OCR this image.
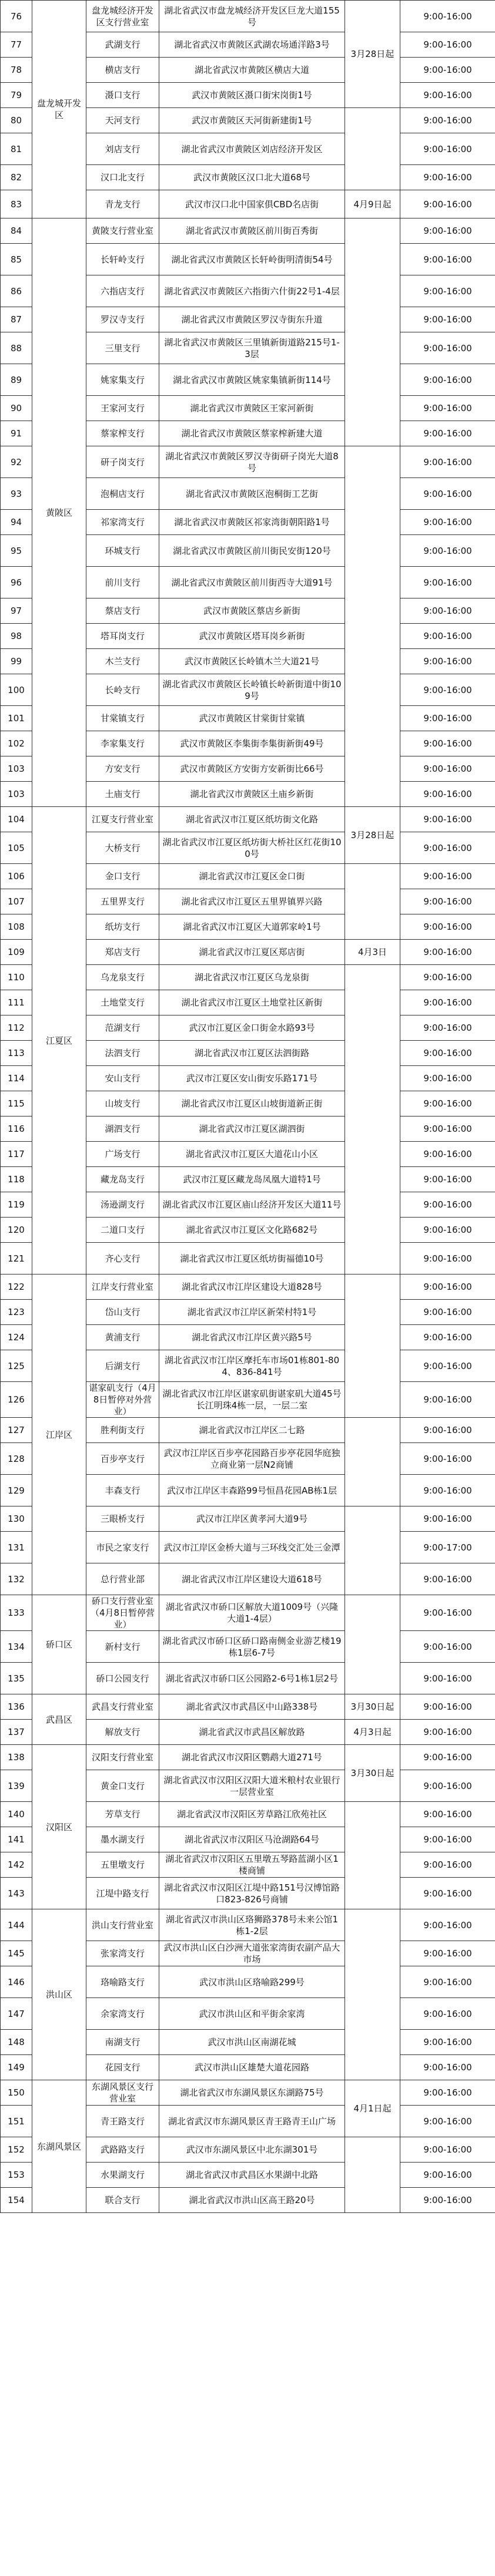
76	盘龙城开发区	盘龙城经济开发区支行营业室	湖北省武汉市盘龙城经济开发区巨龙大道155号	3月28日起	9:00-16:00
77		武湖支行	湖北省武汉市黄陂区武湖农场通洋路3号		9:00-16:00
78		横店支行	湖北省武汉市黄陂区横店大道		9:00-16:00
79		滠口支行	武汉市黄陂区滠口街宋岗街1号		9:00-16:00
80		天河支行	武汉市黄陂区天河街新建街1号		9:00-16:00
81		刘店支行	湖北省武汉市黄陂区刘店经济开发区		9:00-16:00
82		汉口北支行	武汉市黄陂区汉口北大道68号		9:00-16:00
83		青龙支行	武汉市汉口北中国家俱CBD名店街	4月9日起	9:00-16:00
84	黄陂区	黄陂支行营业室	湖北省武汉市黄陂区前川街百秀街		9:00-16:00
85		长轩岭支行	湖北省武汉市黄陂区长轩岭街明清街54号		9:00-16:00
86		六指店支行	湖北省武汉市黄陂区六指街六什街22号1-4层		9:00-16:00
87		罗汉寺支行	湖北省武汉市黄陂区罗汉寺街东升道		9:00-16:00
88		三里支行	湖北省武汉市黄陂区三里镇新街道路215号1-3层		9:00-16:00
89		姚家集支行	湖北省武汉市黄陂区姚家集镇新街114号		9:00-16:00
90		王家河支行	湖北省武汉市黄陂区王家河新街		9:00-16:00
91		蔡家榨支行	湖北省武汉市黄陂区蔡家榨新建大道		9:00-16:00
92		研子岗支行	湖北省武汉市黄陂区罗汉寺街研子岗光大道8号		9:00-16:00
93		泡桐店支行	湖北省武汉市黄陂区泡桐街工艺街		9:00-16:00
94		祁家湾支行	湖北省武汉市黄陂区祁家湾街朝阳路1号		9:00-16:00
95		环城支行	湖北省武汉市黄陂区前川街民安街120号		9:00-16:00
96		前川支行	湖北省武汉市黄陂区前川街西寺大道91号		9:00-16:00
97		蔡店支行	武汉市黄陂区蔡店乡新街		9:00-16:00
98		塔耳岗支行	武汉市黄陂区塔耳岗乡新街		9:00-16:00
99		木兰支行	武汉市黄陂区长岭镇木兰大道21号		9:00-16:00
100		长岭支行	湖北省武汉市黄陂区长岭镇长岭新街道中街109号		9:00-16:00
101		甘棠镇支行	武汉市黄陂区甘棠街甘棠镇		9:00-16:00
102		李家集支行	武汉市黄陂区李集街李集街新街49号		9:00-16:00
103		方安支行	武汉市黄陂区方安街方安新街比66号		9:00-16:00
103		土庙支行	湖北省武汉市黄陂区土庙乡新街		9:00-16:00
104	江夏区	江夏支行营业室	湖北省武汉市江夏区纸坊街文化路	3月28日起	9:00-16:00
105		大桥支行	湖北省武汉市江夏区纸坊街大桥社区红花街100号		9:00-16:00
106		金口支行	湖北省武汉市江夏区金口街		9:00-16:00
107		五里界支行	湖北省武汉市江夏区五里界镇界兴路		9:00-16:00
108		纸坊支行	湖北省武汉市江夏区大道郭家岭1号		9:00-16:00
109		郑店支行	湖北省武汉市江夏区郑店街	4月3日	9:00-16:00
110		乌龙泉支行	湖北省武汉市江夏区乌龙泉街		9:00-16:00
111		土地堂支行	湖北省武汉市江夏区土地堂社区新街		9:00-16:00
112		范湖支行	武汉市江夏区金口街金水路93号		9:00-16:00
113		法泗支行	湖北省武汉市江夏区法泗街路		9:00-16:00
114		安山支行	武汉市江夏区安山街安乐路171号		9:00-16:00
115		山坡支行	湖北省武汉市江夏区山坡街道新正街		9:00-16:00
116		湖泗支行	湖北省武汉市江夏区湖泗街		9:00-16:00
117		广场支行	湖北省武汉市江夏区大道花山小区		9:00-16:00
118		藏龙岛支行	武汉市江夏区藏龙岛凤凰大道特1号		9:00-16:00
119		汤逊湖支行	湖北省武汉市江夏区庙山经济开发区大道11号		9:00-16:00
120		二道口支行	湖北省武汉市江夏区文化路682号		9:00-16:00
121		齐心支行	湖北省武汉市江夏区纸坊街福德10号		9:00-16:00
122	江岸区	江岸支行营业室	湖北省武汉市江岸区建设大道828号		9:00-16:00
123		岱山支行	湖北省武汉市江岸区新荣村特1号		9:00-16:00
124		黄浦支行	湖北省武汉市江岸区黄兴路5号		9:00-16:00
125		后湖支行	湖北省武汉市江岸区摩托车市场01栋801-804、836-841号		9:00-16:00
126		谌家矶支行（4月8日暂停对外营业）	湖北省武汉市江岸区谌家矶街谌家矶大道45号长江明珠4栋一层，一层二室		9:00-16:00
127		胜利街支行	湖北省武汉市江岸区二七路		9:00-16:00
128		百步亭支行	武汉市江岸区百步亭花园路百步亭花园华庭独立商业第一层N2商铺		9:00-16:00
129		丰森支行	武汉市江岸区丰森路99号恒昌花园AB栋1层		9:00-16:00
130		三眼桥支行	武汉市江岸区黄孝河大道9号		9:00-16:00
131		市民之家支行	武汉市江岸区金桥大道与三环线交汇处三金潭		9:00-17:00
132		总行营业部	湖北省武汉市江岸区建设大道618号		9:00-16:00
133	硚口区	硚口支行营业室（4月8日暂停营业）	湖北省武汉市硚口区解放大道1009号（兴隆大道1-4层）		9:00-16:00
134		新村支行	湖北省武汉市硚口区硚口路南侧金业游艺楼19栋1层6-7号		9:00-16:00
135		硚口公园支行	湖北省武汉市硚口区公园路2-6号1栋1层2号		9:00-16:00
136	武昌区	武昌支行营业室	湖北省武汉市武昌区中山路338号	3月30日起	9:00-16:00
137		解放支行	湖北省武汉市武昌区解放路	4月3日起	9:00-16:00
138	汉阳区	汉阳支行营业室	湖北省武汉市汉阳区鹦鹉大道271号	3月30日起	9:00-16:00
139		黄金口支行	湖北省武汉市汉阳区汉阳大道米粮村农业银行一层营业室		9:00-16:00
140		芳草支行	湖北省武汉市汉阳区芳草路江欣苑社区		9:00-16:00
141		墨水湖支行	湖北省武汉市汉阳区马沧湖路64号		9:00-16:00
142		五里墩支行	湖北省武汉市汉阳区五里墩五琴路蓝湖小区1楼商铺		9:00-16:00
143		江堤中路支行	湖北省武汉市汉阳区江堤中路151号汉博馆路口823-826号商铺		9:00-16:00
144	洪山区	洪山支行营业室	湖北省武汉市洪山区珞狮路378号未来公馆1栋1-2层		9:00-16:00
145		张家湾支行	武汉市洪山区白沙洲大道张家湾街农副产品大市场		9:00-16:00
146		珞喻路支行	武汉市洪山区珞喻路299号		9:00-16:00
147		余家湾支行	武汉市洪山区和平街余家湾		9:00-16:00
148		南湖支行	武汉市洪山区南湖花城		9:00-16:00
149		花园支行	武汉市洪山区雄楚大道花园路		9:00-16:00
150	东湖风景区	东湖风景区支行营业室	湖北省武汉市东湖风景区东湖路75号	4月1日起	9:00-16:00
151		青王路支行	湖北省武汉市东湖风景区青王路青王山广场		9:00-16:00
152		武路路支行	武汉市东湖风景区中北东湖301号		9:00-16:00
153		水果湖支行	湖北省武汉市武昌区水果湖中北路		9:00-16:00
154		联合支行	湖北省武汉市洪山区高王路20号		9:00-16:00
